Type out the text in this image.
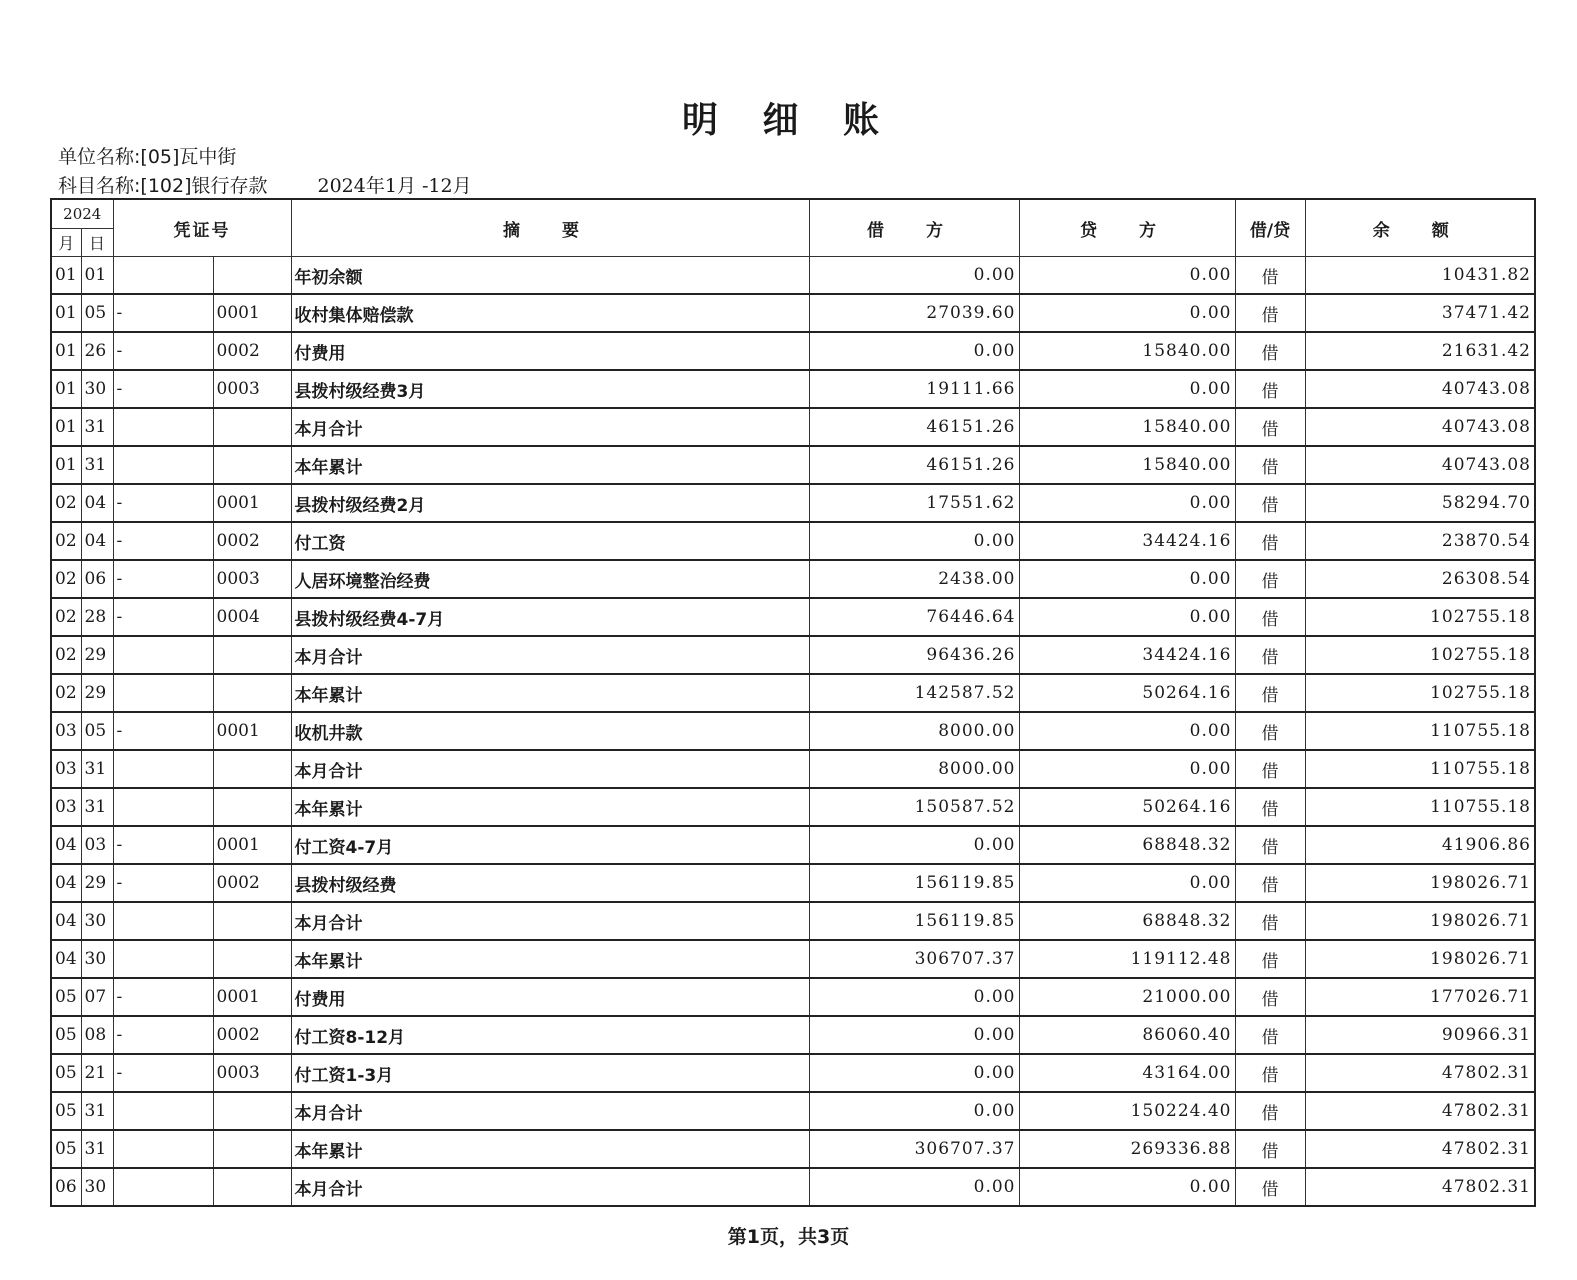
明 细 账
单位名称:[05]瓦中街
科目名称:[102]银行存款	2024年1月 -12月
2024		凭证号		摘 要	借 方	贷 方	借/贷	余 额
月	日							
01	01			年初余额	0.00	0.00	借	10431.82
01	05	-	0001	收村集体赔偿款	27039.60	0.00	借	37471.42
01	26	-	0002	付费用	0.00	15840.00	借	21631.42
01	30	-	0003	县拨村级经费3月	19111.66	0.00	借	40743.08
01	31			本月合计	46151.26	15840.00	借	40743.08
01	31			本年累计	46151.26	15840.00	借	40743.08
02	04	-	0001	县拨村级经费2月	17551.62	0.00	借	58294.70
02	04	-	0002	付工资	0.00	34424.16	借	23870.54
02	06	-	0003	人居环境整治经费	2438.00	0.00	借	26308.54
02	28	-	0004	县拨村级经费4-7月	76446.64	0.00	借	102755.18
02	29			本月合计	96436.26	34424.16	借	102755.18
02	29			本年累计	142587.52	50264.16	借	102755.18
03	05	-	0001	收机井款	8000.00	0.00	借	110755.18
03	31			本月合计	8000.00	0.00	借	110755.18
03	31			本年累计	150587.52	50264.16	借	110755.18
04	03	-	0001	付工资4-7月	0.00	68848.32	借	41906.86
04	29	-	0002	县拨村级经费	156119.85	0.00	借	198026.71
04	30			本月合计	156119.85	68848.32	借	198026.71
04	30			本年累计	306707.37	119112.48	借	198026.71
05	07	-	0001	付费用	0.00	21000.00	借	177026.71
05	08	-	0002	付工资8-12月	0.00	86060.40	借	90966.31
05	21	-	0003	付工资1-3月	0.00	43164.00	借	47802.31
05	31			本月合计	0.00	150224.40	借	47802.31
05	31			本年累计	306707.37	269336.88	借	47802.31
06	30			本月合计	0.00	0.00	借	47802.31
第1页，共3页
